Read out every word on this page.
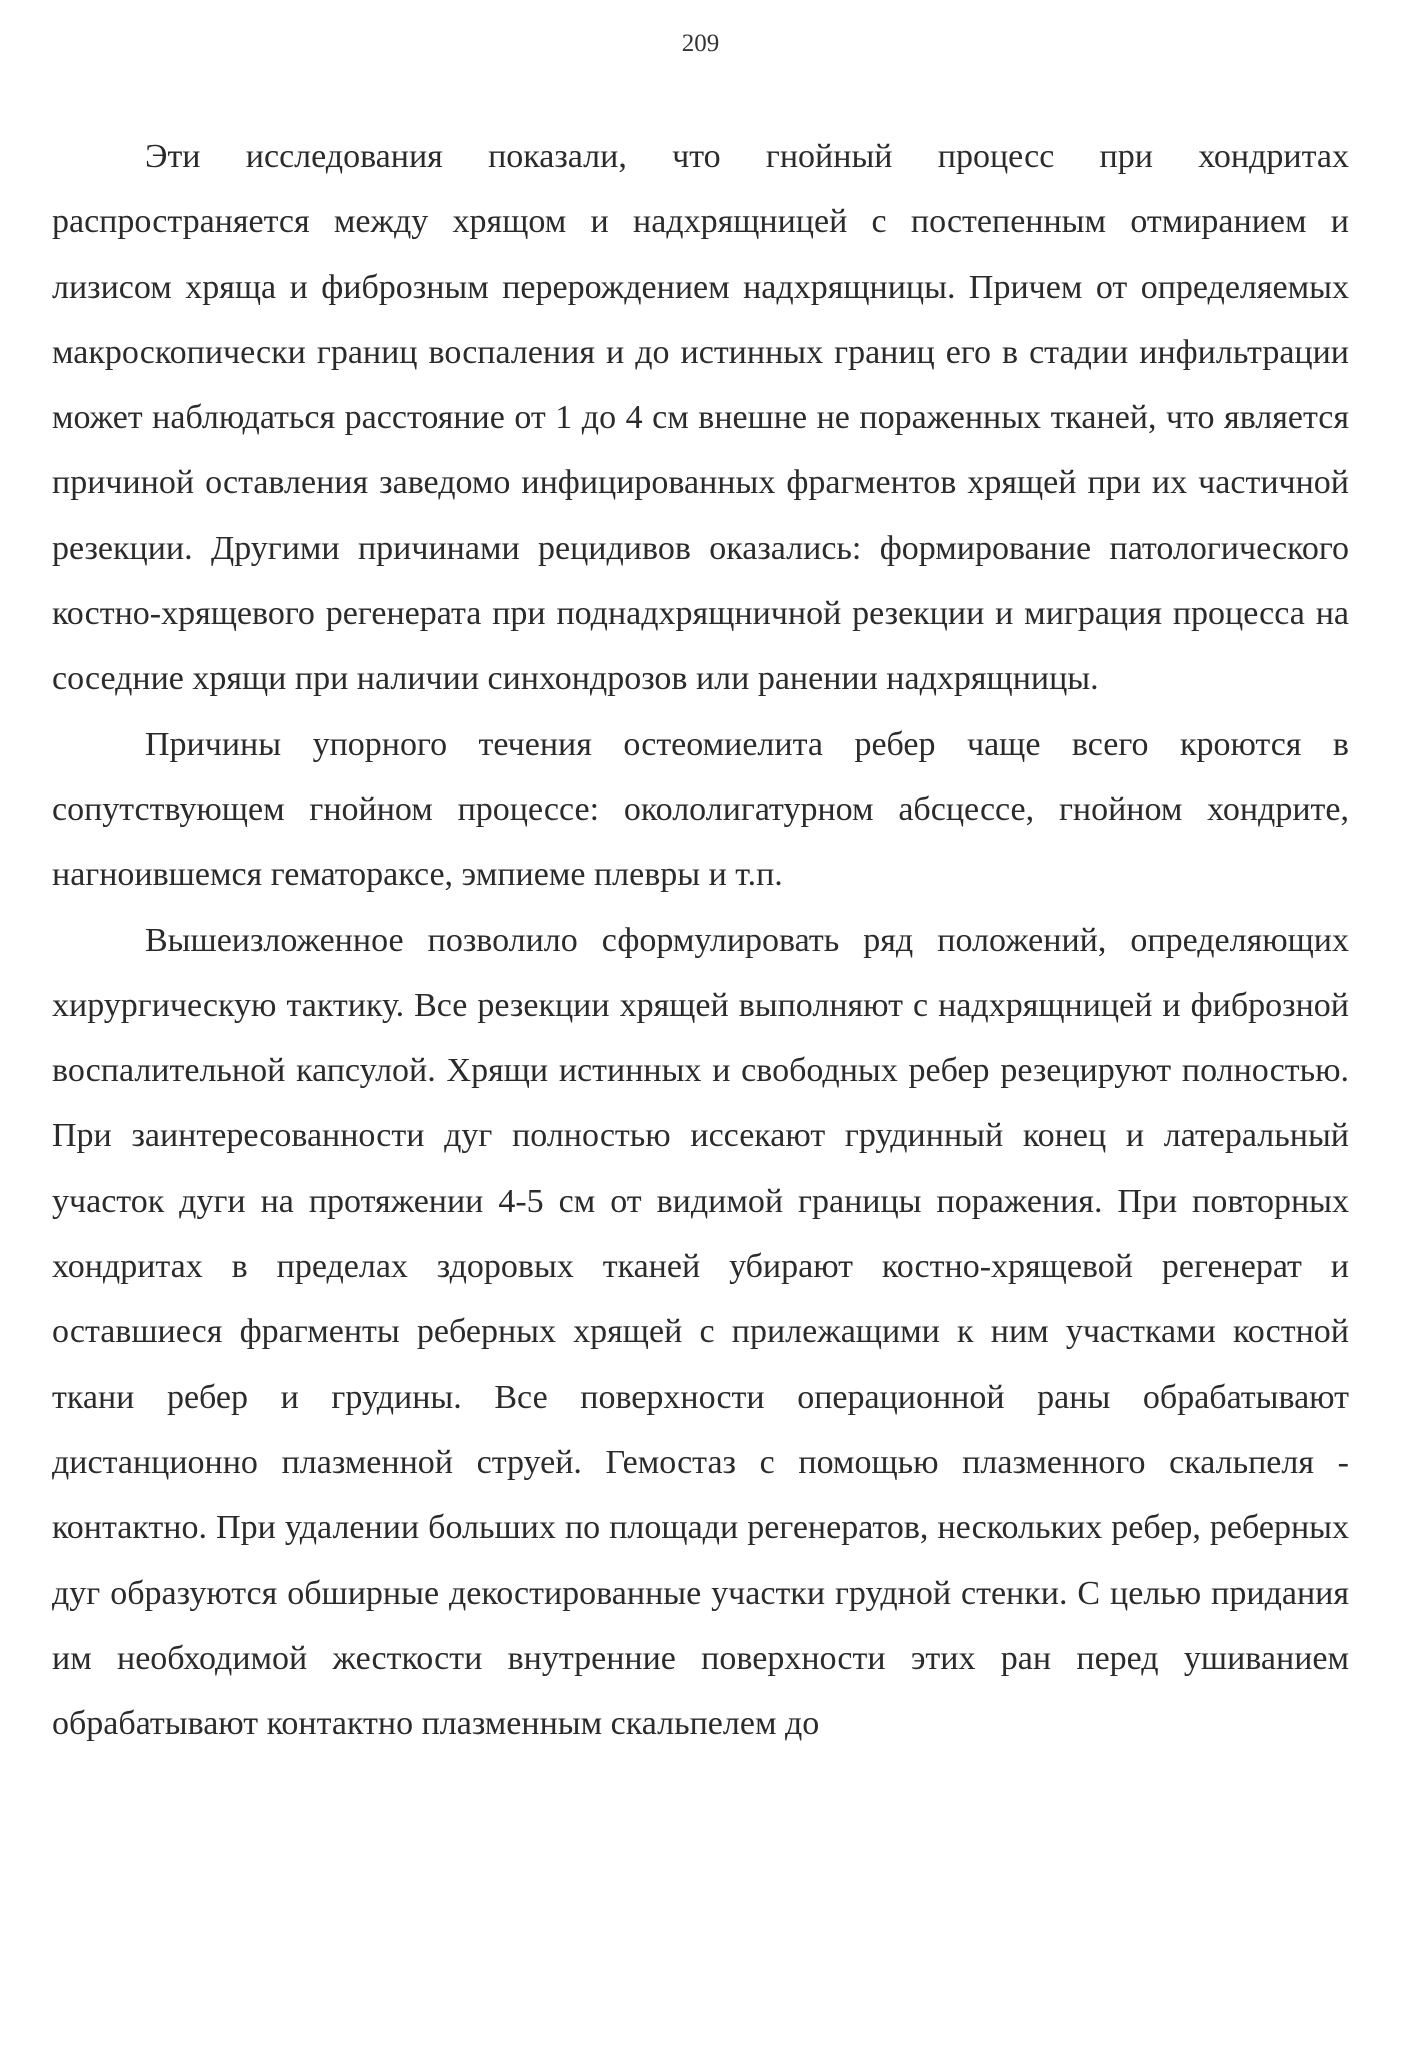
209

Эти исследования показали, что гнойный процесс при хондритах распространяется между хрящом и надхрящницей с постепенным отмиранием и лизисом хряща и фиброзным перерождением надхрящницы. Причем от определяемых макроскопически границ воспаления и до истинных границ его в стадии инфильтрации может наблюдаться расстояние от 1 до 4 см внешне не пораженных тканей, что является причиной оставления заведомо инфицированных фрагментов хрящей при их частичной резекции. Другими причинами рецидивов оказались: формирование патологического костно-хрящевого регенерата при поднадхрящничной резекции и миграция процесса на соседние хрящи при наличии синхондрозов или ранении надхрящницы.

Причины упорного течения остеомиелита ребер чаще всего кроются в сопутствующем гнойном процессе: окололигатурном абсцессе, гнойном хондрите, нагноившемся гематораксе, эмпиеме плевры и т.п.

Вышеизложенное позволило сформулировать ряд положений, определяющих хирургическую тактику. Все резекции хрящей выполняют с надхрящницей и фиброзной воспалительной капсулой. Хрящи истинных и свободных ребер резецируют полностью. При заинтересованности дуг полностью иссекают грудинный конец и латеральный участок дуги на протяжении 4-5 см от видимой границы поражения. При повторных хондритах в пределах здоровых тканей убирают костно-хрящевой регенерат и оставшиеся фрагменты реберных хрящей с прилежащими к ним участками костной ткани ребер и грудины. Все поверхности операционной раны обрабатывают дистанционно плазменной струей. Гемостаз с помощью плазменного скальпеля - контактно. При удалении больших по площади регенератов, нескольких ребер, реберных дуг образуются обширные декостированные участки грудной стенки. С целью придания им необходимой жесткости внутренние поверхности этих ран перед ушиванием обрабатывают контактно плазменным скальпелем до
